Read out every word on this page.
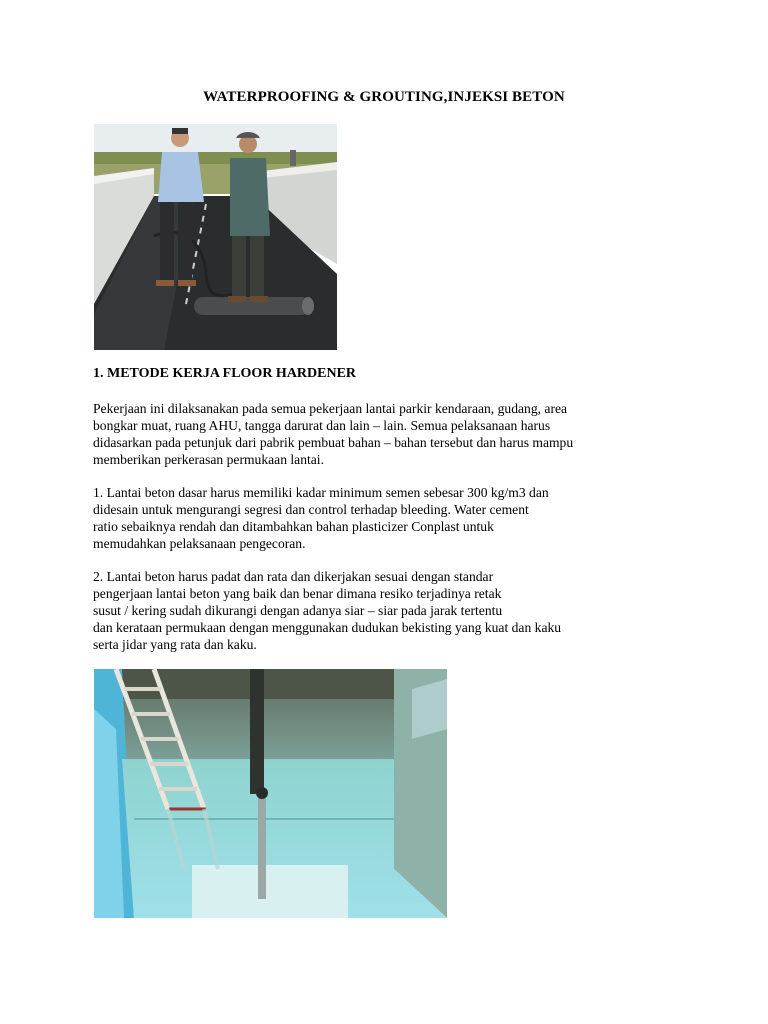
WATERPROOFING & GROUTING,INJEKSI BETON
1. METODE KERJA FLOOR HARDENER
Pekerjaan ini dilaksanakan pada semua pekerjaan lantai parkir kendaraan, gudang, area
bongkar muat, ruang AHU, tangga darurat dan lain – lain. Semua pelaksanaan harus
didasarkan pada petunjuk dari pabrik pembuat bahan – bahan tersebut dan harus mampu
memberikan perkerasan permukaan lantai.
1. Lantai beton dasar harus memiliki kadar minimum semen sebesar 300 kg/m3 dan
didesain untuk mengurangi segresi dan control terhadap bleeding. Water cement
ratio sebaiknya rendah dan ditambahkan bahan plasticizer Conplast untuk
memudahkan pelaksanaan pengecoran.
2. Lantai beton harus padat dan rata dan dikerjakan sesuai dengan standar
pengerjaan lantai beton yang baik dan benar dimana resiko terjadinya retak
susut / kering sudah dikurangi dengan adanya siar – siar pada jarak tertentu
dan kerataan permukaan dengan menggunakan dudukan bekisting yang kuat dan kaku
serta jidar yang rata dan kaku.
